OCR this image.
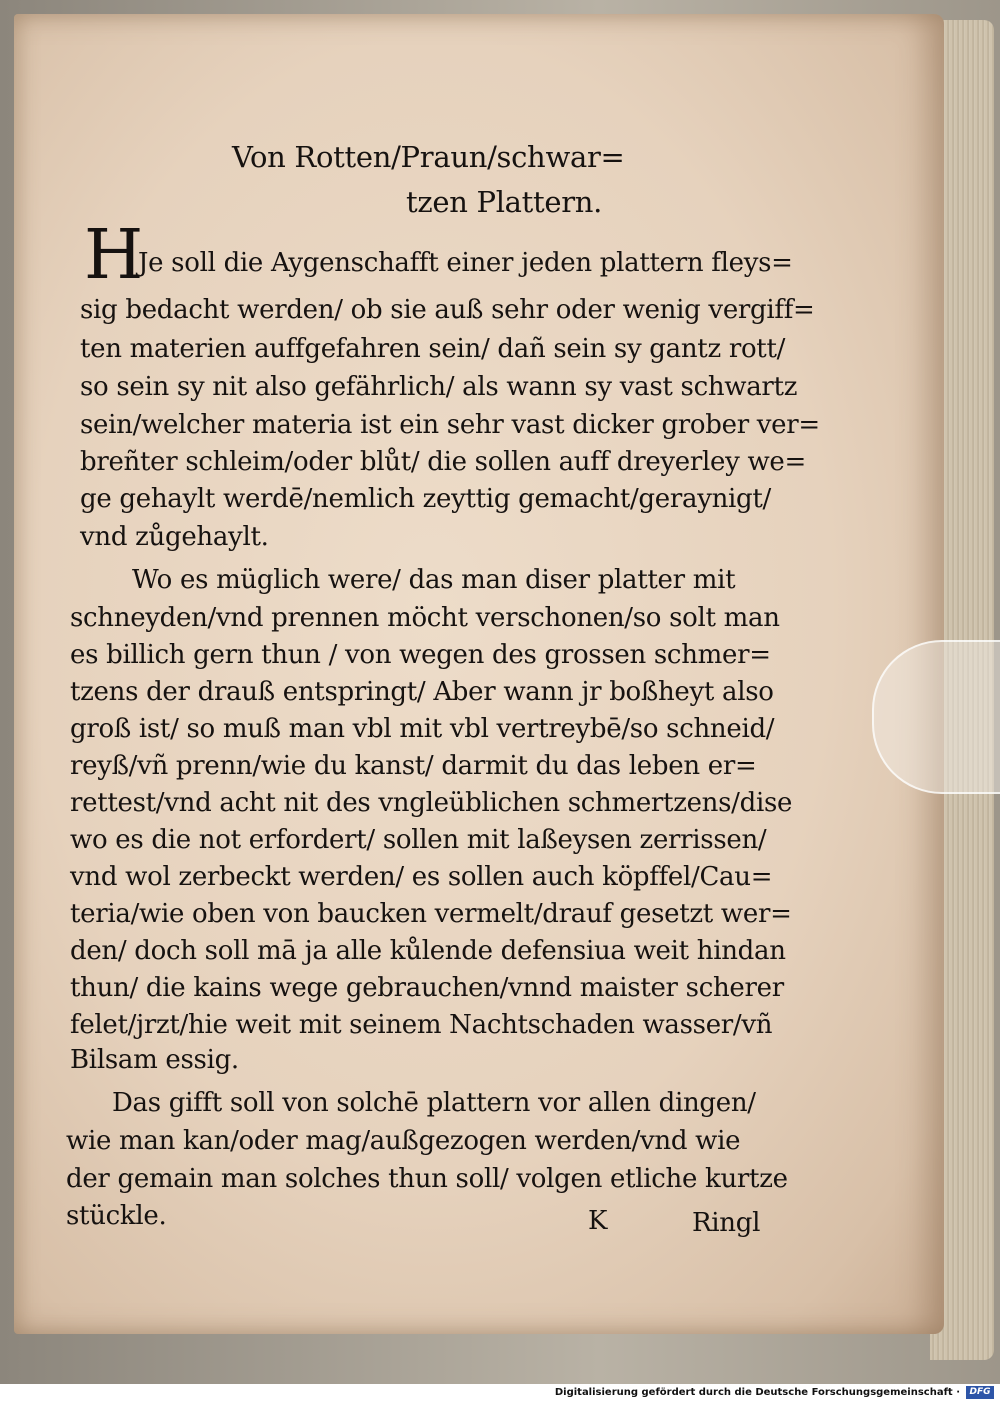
Von Rotten/Praun/schwar=

tzen Plattern.

H

Je soll die Aygenschafft einer jeden plattern fleys=

sig bedacht werden/ ob sie auß sehr oder wenig vergiff=

ten materien auffgefahren sein/ dañ sein sy gantz rott/

so sein sy nit also gefährlich/ als wann sy vast schwartz

sein/welcher materia ist ein sehr vast dicker grober ver=

breñter schleim/oder blůt/ die sollen auff dreyerley we=

ge gehaylt werdē/nemlich zeyttig gemacht/geraynigt/

vnd zůgehaylt.

Wo es müglich were/ das man diser platter mit

schneyden/vnd prennen möcht verschonen/so solt man

es billich gern thun / von wegen des grossen schmer=

tzens der drauß entspringt/ Aber wann jr boßheyt also

groß ist/ so muß man vbl mit vbl vertreybē/so schneid/

reyß/vñ prenn/wie du kanst/ darmit du das leben er=

rettest/vnd acht nit des vngleüblichen schmertzens/dise

wo es die not erfordert/ sollen mit laßeysen zerrissen/

vnd wol zerbeckt werden/ es sollen auch köpffel/Cau=

teria/wie oben von baucken vermelt/drauf gesetzt wer=

den/ doch soll mā ja alle kůlende defensiua weit hindan

thun/ die kains wege gebrauchen/vnnd maister scherer

felet/jrzt/hie weit mit seinem Nachtschaden wasser/vñ

Bilsam essig.

Das gifft soll von solchē plattern vor allen dingen/

wie man kan/oder mag/außgezogen werden/vnd wie

der gemain man solches thun soll/ volgen etliche kurtze

stückle.	K	Ringl

Digitalisierung gefördert durch die Deutsche Forschungsgemeinschaft ·	DFG
